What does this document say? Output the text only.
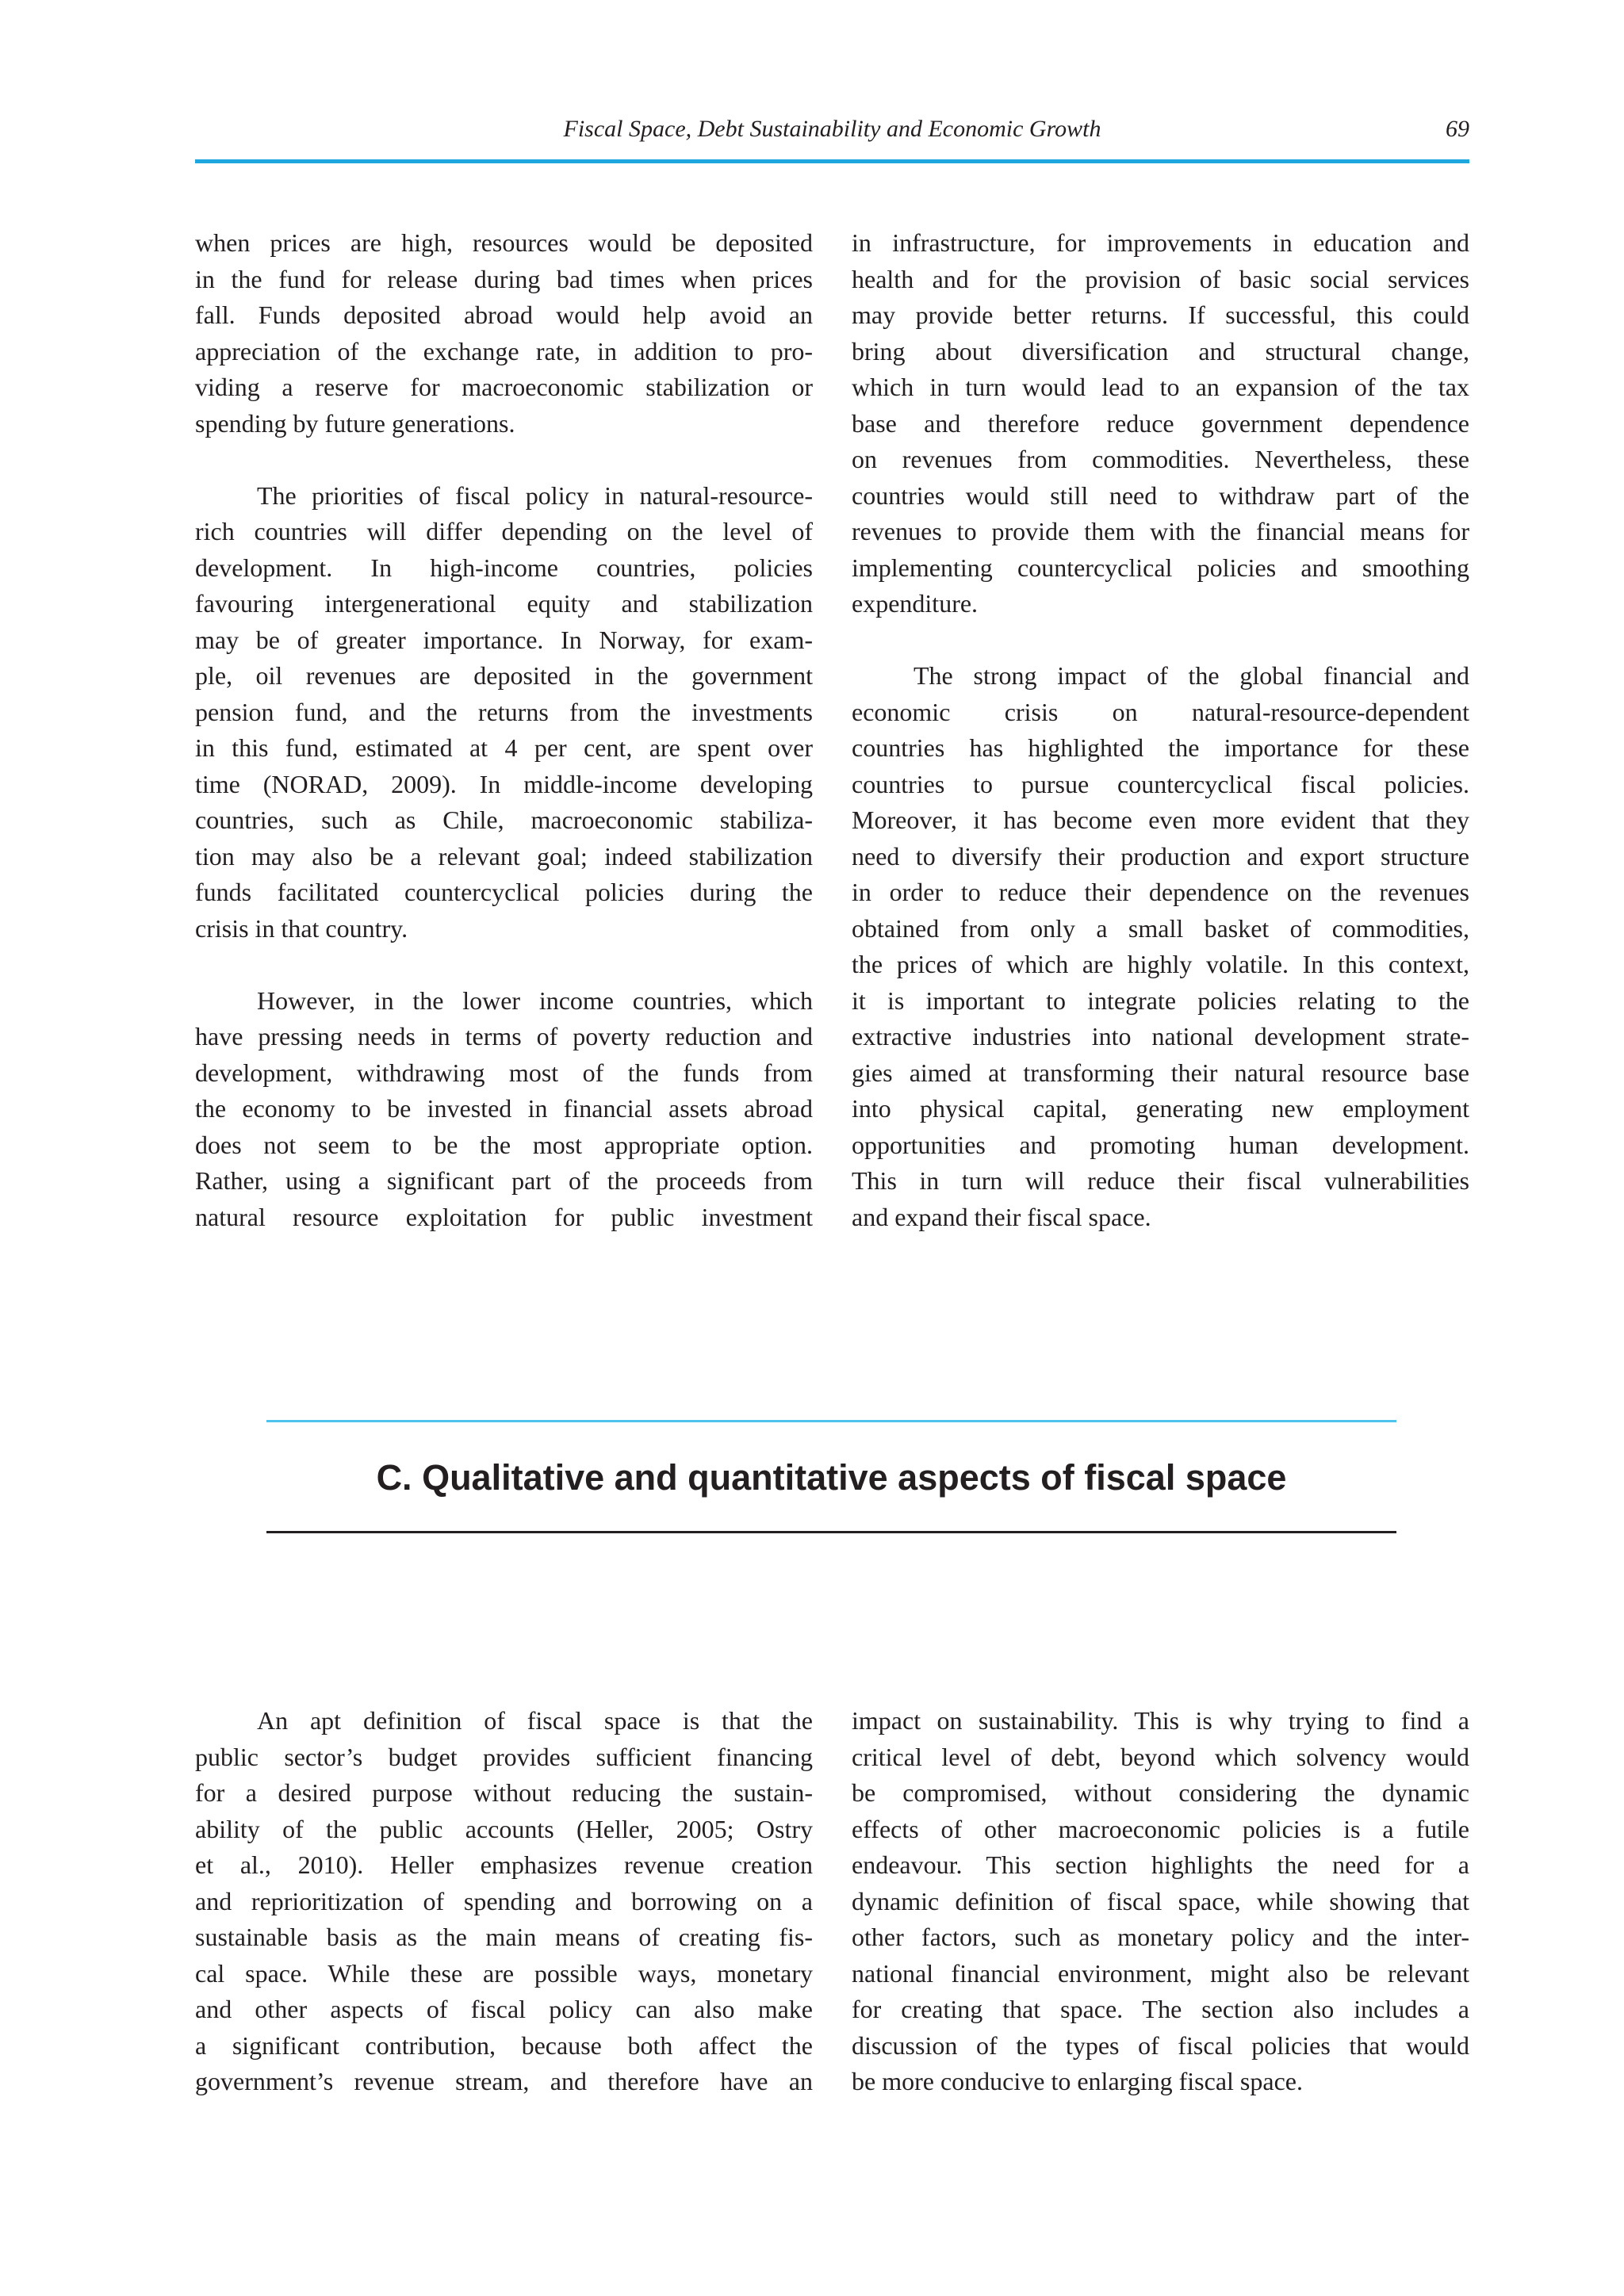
Fiscal Space, Debt Sustainability and Economic Growth	69
when prices are high, resources would be deposited
in the fund for release during bad times when prices
fall. Funds deposited abroad would help avoid an
appreciation of the exchange rate, in addition to pro-
viding a reserve for macroeconomic stabilization or
spending by future generations.
The priorities of fiscal policy in natural-resource-
rich countries will differ depending on the level of
development. In high-income countries, policies
favouring intergenerational equity and stabilization
may be of greater importance. In Norway, for exam-
ple, oil revenues are deposited in the government
pension fund, and the returns from the investments
in this fund, estimated at 4 per cent, are spent over
time (NORAD, 2009). In middle-income developing
countries, such as Chile, macroeconomic stabiliza-
tion may also be a relevant goal; indeed stabilization
funds facilitated countercyclical policies during the
crisis in that country.
However, in the lower income countries, which
have pressing needs in terms of poverty reduction and
development, withdrawing most of the funds from
the economy to be invested in financial assets abroad
does not seem to be the most appropriate option.
Rather, using a significant part of the proceeds from
natural resource exploitation for public investment
in infrastructure, for improvements in education and
health and for the provision of basic social services
may provide better returns. If successful, this could
bring about diversification and structural change,
which in turn would lead to an expansion of the tax
base and therefore reduce government dependence
on revenues from commodities. Nevertheless, these
countries would still need to withdraw part of the
revenues to provide them with the financial means for
implementing countercyclical policies and smoothing
expenditure.
The strong impact of the global financial and
economic crisis on natural-resource-dependent
countries has highlighted the importance for these
countries to pursue countercyclical fiscal policies.
Moreover, it has become even more evident that they
need to diversify their production and export structure
in order to reduce their dependence on the revenues
obtained from only a small basket of commodities,
the prices of which are highly volatile. In this context,
it is important to integrate policies relating to the
extractive industries into national development strate-
gies aimed at transforming their natural resource base
into physical capital, generating new employment
opportunities and promoting human development.
This in turn will reduce their fiscal vulnerabilities
and expand their fiscal space.
C. Qualitative and quantitative aspects of fiscal space
An apt definition of fiscal space is that the
public sector’s budget provides sufficient financing
for a desired purpose without reducing the sustain-
ability of the public accounts (Heller, 2005; Ostry
et al., 2010). Heller emphasizes revenue creation
and reprioritization of spending and borrowing on a
sustainable basis as the main means of creating fis-
cal space. While these are possible ways, monetary
and other aspects of fiscal policy can also make
a significant contribution, because both affect the
government’s revenue stream, and therefore have an
impact on sustainability. This is why trying to find a
critical level of debt, beyond which solvency would
be compromised, without considering the dynamic
effects of other macroeconomic policies is a futile
endeavour. This section highlights the need for a
dynamic definition of fiscal space, while showing that
other factors, such as monetary policy and the inter-
national financial environment, might also be relevant
for creating that space. The section also includes a
discussion of the types of fiscal policies that would
be more conducive to enlarging fiscal space.
